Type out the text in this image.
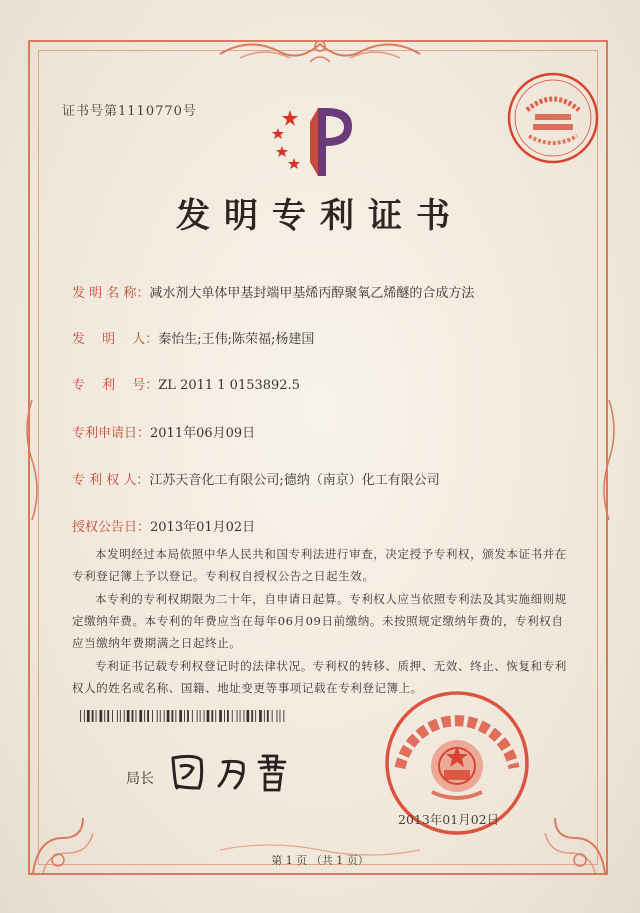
证书号第1110770号
发明专利证书
发 明 名 称：减水剂大单体甲基封端甲基烯丙醇聚氧乙烯醚的合成方法
发　 明　 人：秦怡生;王伟;陈荣福;杨建国
专　 利　 号：ZL 2011 1 0153892.5
专利申请日：2011年06月09日
专 利 权 人：江苏天音化工有限公司;德纳（南京）化工有限公司
授权公告日：2013年01月02日
本发明经过本局依照中华人民共和国专利法进行审查，决定授予专利权，颁发本证书并在专利登记簿上予以登记。专利权自授权公告之日起生效。
本专利的专利权期限为二十年，自申请日起算。专利权人应当依照专利法及其实施细则规定缴纳年费。本专利的年费应当在每年06月09日前缴纳。未按照规定缴纳年费的，专利权自应当缴纳年费期满之日起终止。
专利证书记载专利权登记时的法律状况。专利权的转移、质押、无效、终止、恢复和专利权人的姓名或名称、国籍、地址变更等事项记载在专利登记簿上。
局长
2013年01月02日
第 1 页 （共 1 页）
